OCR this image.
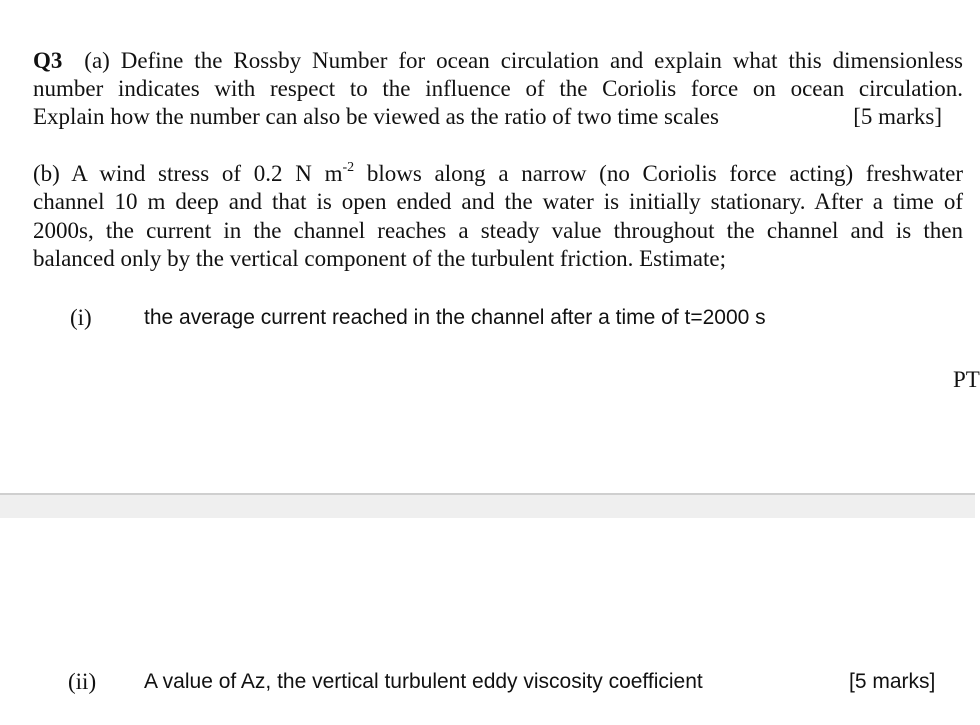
Q3 (a) Define the Rossby Number for ocean circulation and explain what this dimensionless
number indicates with respect to the influence of the Coriolis force on ocean circulation.
Explain how the number can also be viewed as the ratio of two time scales	[5 marks]
(b) A wind stress of 0.2 N $m^{-2}$ blows along a narrow (no Coriolis force acting) freshwater
channel 10 m deep and that is open ended and the water is initially stationary. After a time of
2000s, the current in the channel reaches a steady value throughout the channel and is then
balanced only by the vertical component of the turbulent friction. Estimate;
(i) the average current reached in the channel after a time of t=2000 s
PT
(ii) A value of Az, the vertical turbulent eddy viscosity coefficient	[5 marks]
